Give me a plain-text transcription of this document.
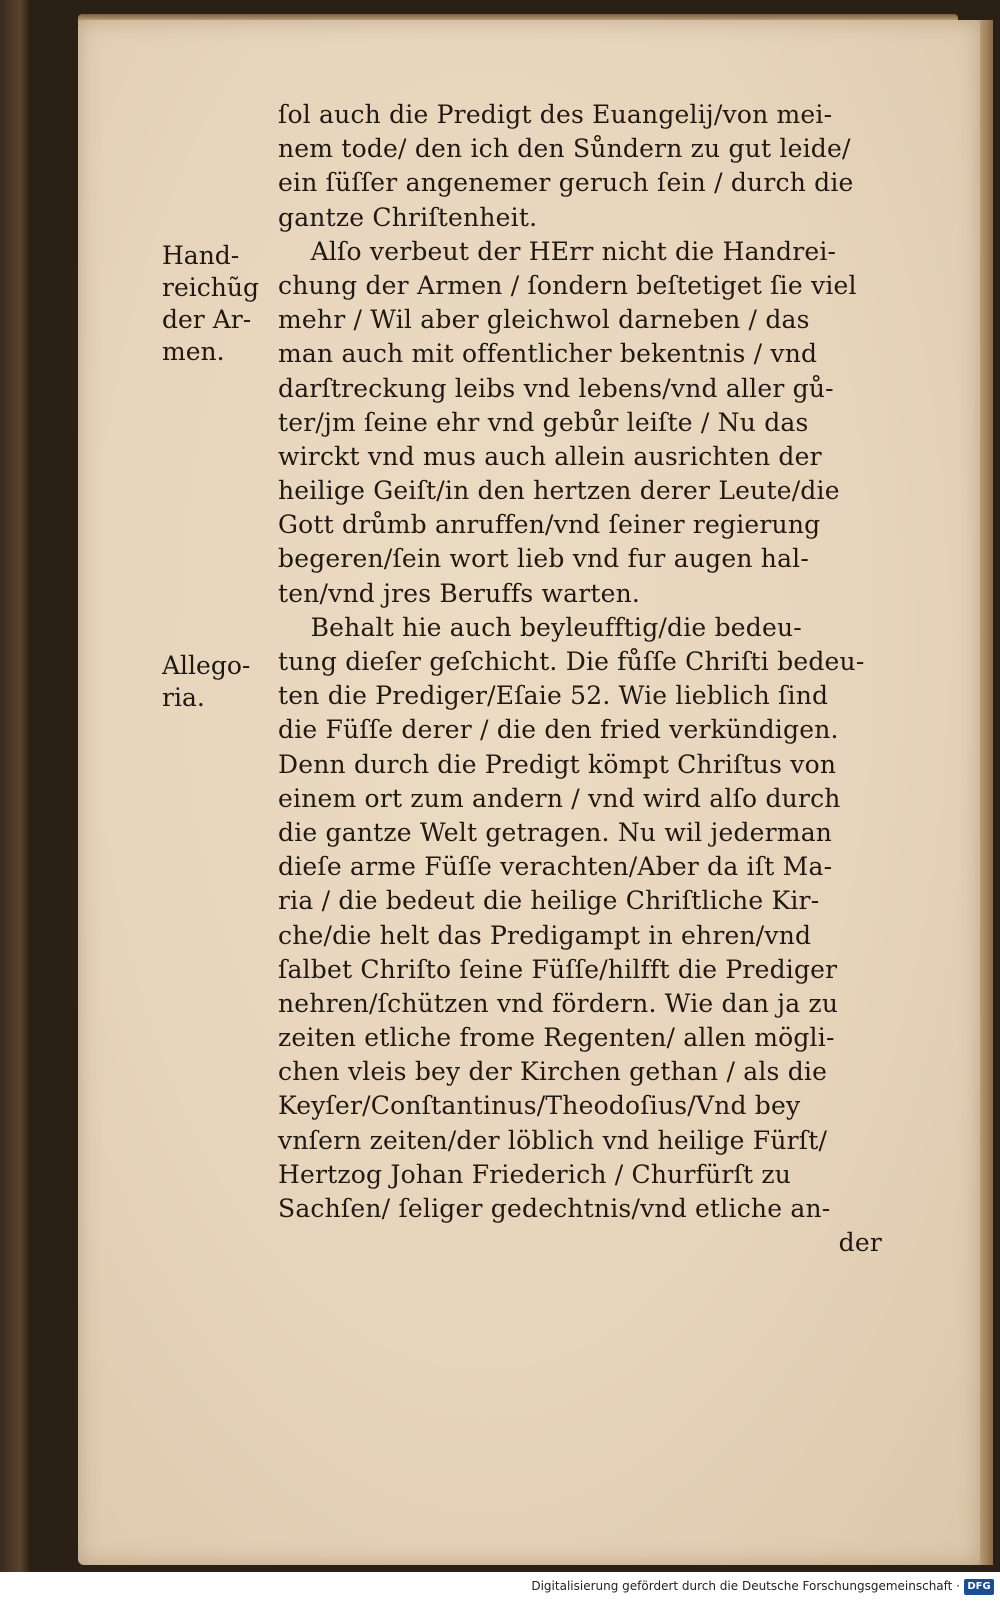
Hand-
reichũg
der Ar-
men.
Allego-
ria.
ſol auch die Predigt des Euangelij/von mei-
nem tode/ den ich den Sůndern zu gut leide/
ein ſüſſer angenemer geruch ſein / durch die
gantze Chriſtenheit.
Alſo verbeut der HErr nicht die Handrei-
chung der Armen / ſondern beſtetiget ſie viel
mehr / Wil aber gleichwol darneben / das
man auch mit offentlicher bekentnis / vnd
darſtreckung leibs vnd lebens/vnd aller gů-
ter/jm ſeine ehr vnd gebůr leiſte / Nu das
wirckt vnd mus auch allein ausrichten der
heilige Geiſt/in den hertzen derer Leute/die
Gott drůmb anruffen/vnd ſeiner regierung
begeren/ſein wort lieb vnd fur augen hal-
ten/vnd jres Beruffs warten.
Behalt hie auch beyleufftig/die bedeu-
tung dieſer geſchicht. Die fůſſe Chriſti bedeu-
ten die Prediger/Eſaie 52. Wie lieblich ſind
die Füſſe derer / die den fried verkündigen.
Denn durch die Predigt kömpt Chriſtus von
einem ort zum andern / vnd wird alſo durch
die gantze Welt getragen. Nu wil jederman
dieſe arme Füſſe verachten/Aber da iſt Ma-
ria / die bedeut die heilige Chriſtliche Kir-
che/die helt das Predigampt in ehren/vnd
ſalbet Chriſto ſeine Füſſe/hilfft die Prediger
nehren/ſchützen vnd fördern. Wie dan ja zu
zeiten etliche frome Regenten/ allen mögli-
chen vleis bey der Kirchen gethan / als die
Keyſer/Conſtantinus/Theodoſius/Vnd bey
vnſern zeiten/der löblich vnd heilige Fürſt/
Hertzog Johan Friederich / Churfürſt zu
Sachſen/ ſeliger gedechtnis/vnd etliche an-
der
Digitalisierung gefördert durch die Deutsche Forschungsgemeinschaft · DFG
